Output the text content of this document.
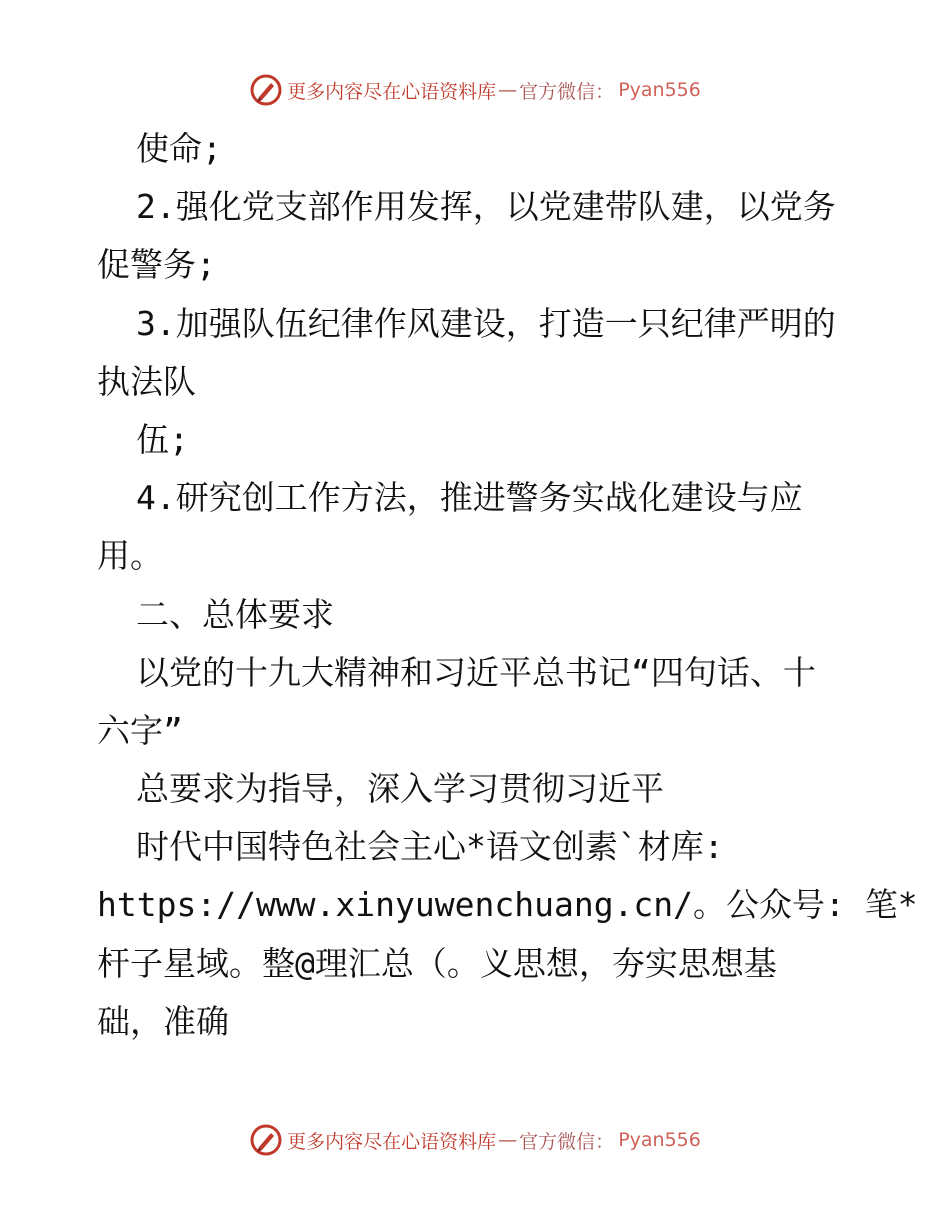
更多内容尽在心语资料库 — 官方微信： Pyan556
使命;
2.强化党支部作用发挥，以党建带队建，以党务
促警务;
3.加强队伍纪律作风建设，打造一只纪律严明的
执法队
伍;
4.研究创工作方法，推进警务实战化建设与应
用。
二、总体要求
以党的十九大精神和习近平总书记“四句话、十
六字”
总要求为指导，深入学习贯彻习近平
时代中国特色社会主心*语文创素`材库:
https://www.xinyuwenchuang.cn/。公众号: 笔*
杆子星域。整@理汇总（。义思想，夯实思想基
础，准确
更多内容尽在心语资料库 — 官方微信： Pyan556
